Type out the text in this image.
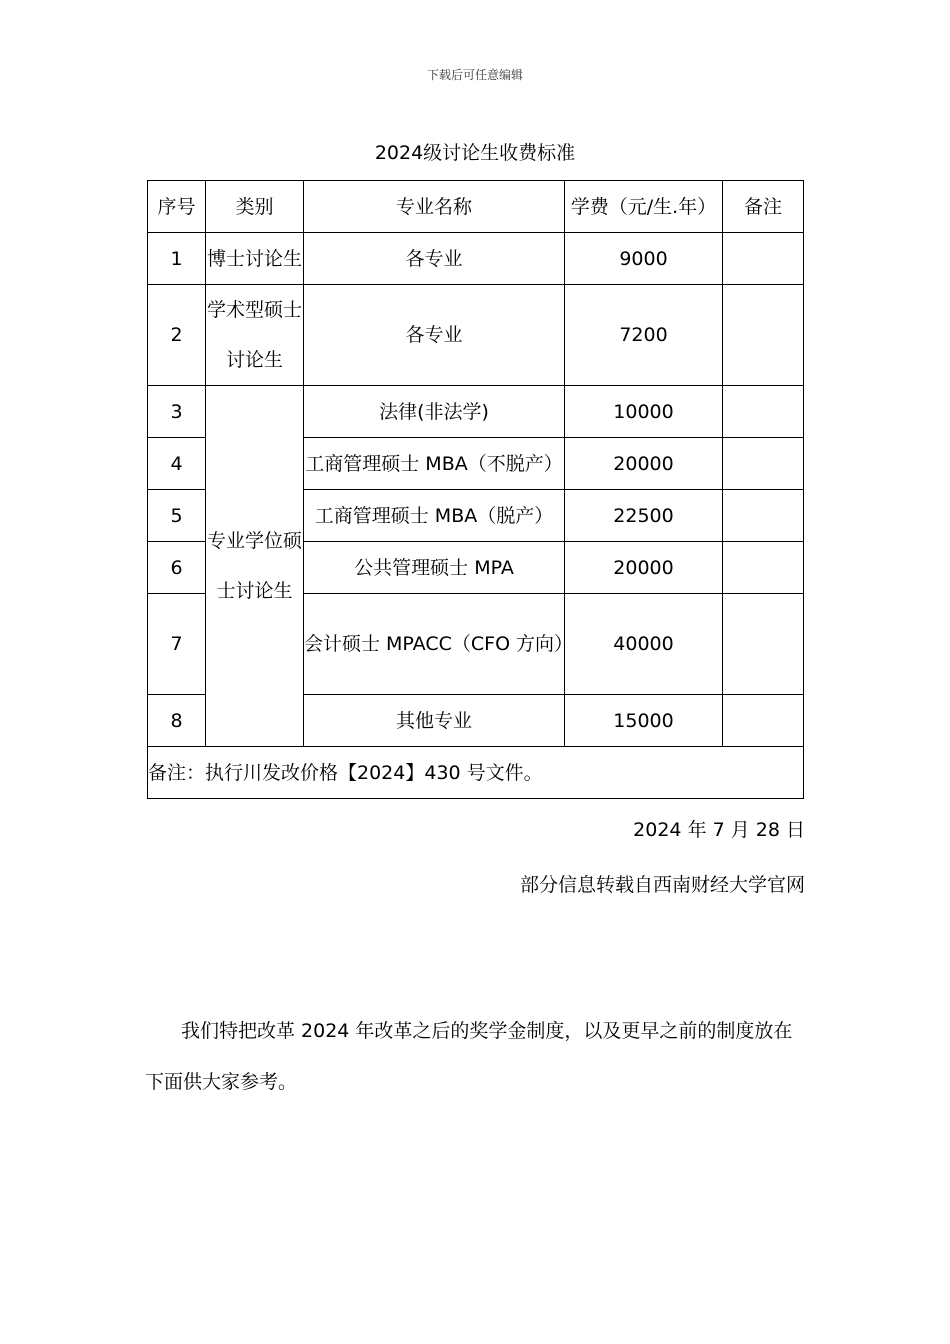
下载后可任意编辑
2024级讨论生收费标准
序号	类别	专业名称	学费（元/生.年）	备注
1	博士讨论生	各专业	9000	
2	学术型硕士讨论生	各专业	7200	
3	专业学位硕士讨论生	法律(非法学)	10000	
4		工商管理硕士 MBA（不脱产）	20000	
5		工商管理硕士 MBA（脱产）	22500	
6		公共管理硕士 MPA	20000	
7		会计硕士 MPACC（CFO 方向）	40000	
8		其他专业	15000	
备注：执行川发改价格【2024】430 号文件。				
2024 年 7 月 28 日
部分信息转载自西南财经大学官网
我们特把改革 2024 年改革之后的奖学金制度，以及更早之前的制度放在下面供大家参考。
